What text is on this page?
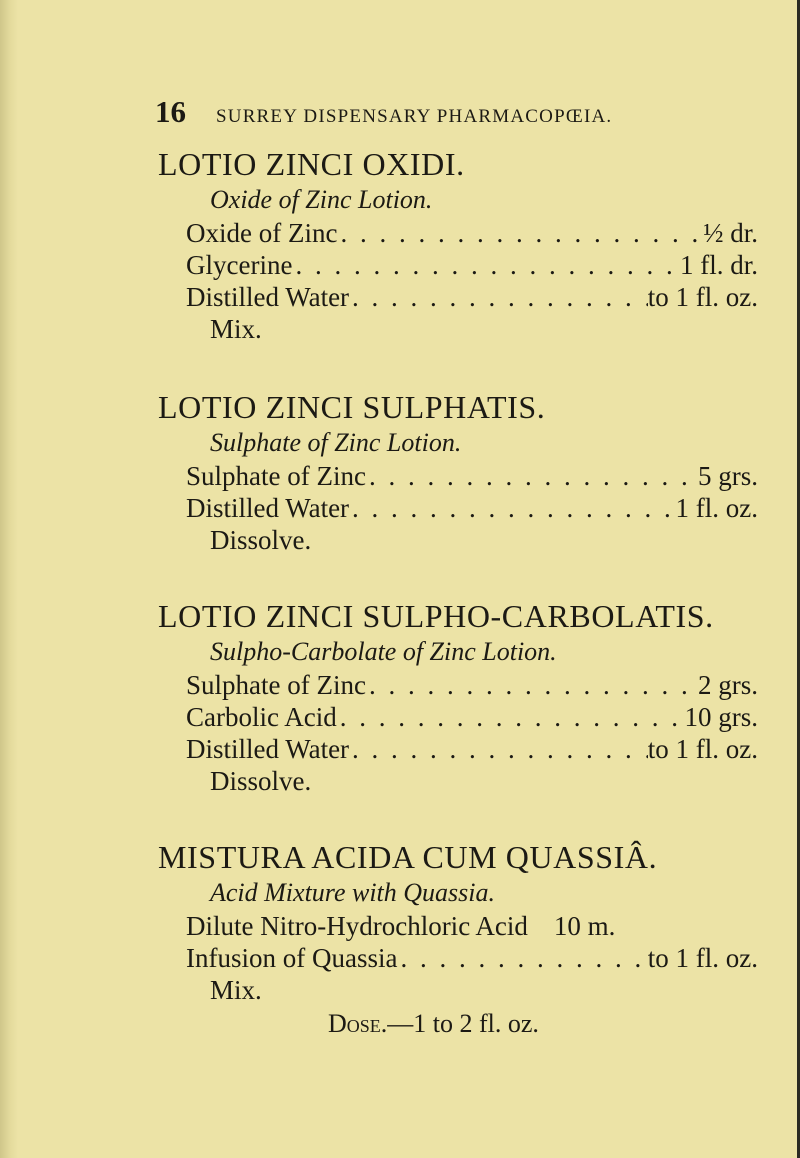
16 SURREY DISPENSARY PHARMACOPŒIA.
LOTIO ZINCI OXIDI.
Oxide of Zinc Lotion.
Oxide of Zinc . . .	½ dr.
Glycerine . . .	1 fl. dr.
Distilled Water . . .	to 1 fl. oz.
Mix.
LOTIO ZINCI SULPHATIS.
Sulphate of Zinc Lotion.
Sulphate of Zinc . . .	5 grs.
Distilled Water . . .	1 fl. oz.
Dissolve.
LOTIO ZINCI SULPHO-CARBOLATIS.
Sulpho-Carbolate of Zinc Lotion.
Sulphate of Zinc . . .	2 grs.
Carbolic Acid . . .	10 grs.
Distilled Water . . .	to 1 fl. oz.
Dissolve.
MISTURA ACIDA CUM QUASSIÂ.
Acid Mixture with Quassia.
Dilute Nitro-Hydrochloric Acid 10 m.
Infusion of Quassia . . .	to 1 fl. oz.
Mix.
Dose.—1 to 2 fl. oz.
